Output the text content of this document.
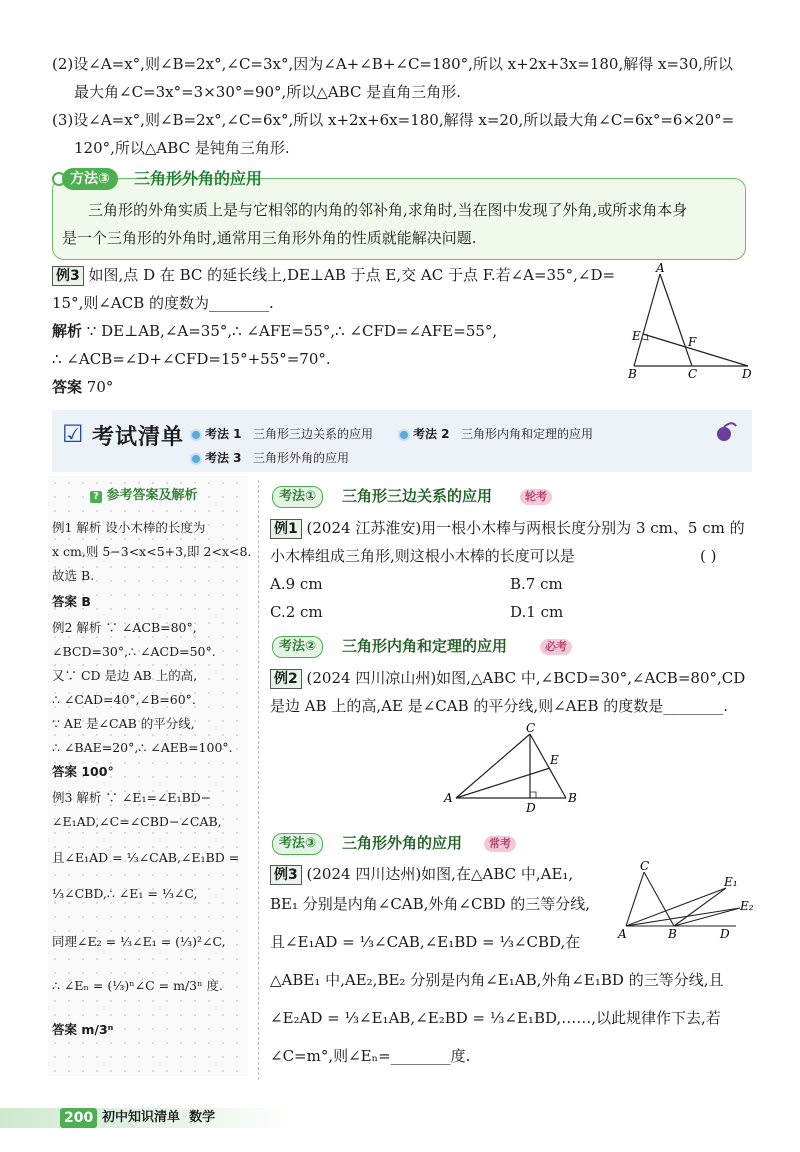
(2)设∠A=x°,则∠B=2x°,∠C=3x°,因为∠A+∠B+∠C=180°,所以 x+2x+3x=180,解得 x=30,所以
最大角∠C=3x°=3×30°=90°,所以△ABC 是直角三角形.
(3)设∠A=x°,则∠B=2x°,∠C=6x°,所以 x+2x+6x=180,解得 x=20,所以最大角∠C=6x°=6×20°=
120°,所以△ABC 是钝角三角形.
方法③	三角形外角的应用
三角形的外角实质上是与它相邻的内角的邻补角,求角时,当在图中发现了外角,或所求角本身
是一个三角形的外角时,通常用三角形外角的性质就能解决问题.
例3 如图,点 D 在 BC 的延长线上,DE⊥AB 于点 E,交 AC 于点 F.若∠A=35°,∠D=
15°,则∠ACB 的度数为________.
解析 ∵ DE⊥AB,∠A=35°,∴ ∠AFE=55°,∴ ∠CFD=∠AFE=55°,
∴ ∠ACB=∠D+∠CFD=15°+55°=70°.
答案 70°
A
E	F
B	C	D
☑ 考试清单	考法 1 三角形三边关系的应用	考法 2 三角形内角和定理的应用
考法 3 三角形外角的应用
? 参考答案及解析
例1 解析 设小木棒的长度为
x cm,则 5−3<x<5+3,即 2<x<8.
故选 B.
答案 B
例2 解析 ∵ ∠ACB=80°,
∠BCD=30°,∴ ∠ACD=50°.
又∵ CD 是边 AB 上的高,
∴ ∠CAD=40°,∠B=60°.
∵ AE 是∠CAB 的平分线,
∴ ∠BAE=20°,∴ ∠AEB=100°.
答案 100°
例3 解析 ∵ ∠E₁=∠E₁BD−
∠E₁AD,∠C=∠CBD−∠CAB,
且∠E₁AD = ⅓∠CAB,∠E₁BD =
⅓∠CBD,∴ ∠E₁ = ⅓∠C,
同理∠E₂ = ⅓∠E₁ = (⅓)²∠C,
∴ ∠Eₙ = (⅓)ⁿ∠C = m/3ⁿ 度.
答案 m/3ⁿ
考法①	三角形三边关系的应用	轮考
例1 (2024 江苏淮安)用一根小木棒与两根长度分别为 3 cm、5 cm 的
小木棒组成三角形,则这根小木棒的长度可以是	( )
A.9 cm	B.7 cm
C.2 cm	D.1 cm
考法②	三角形内角和定理的应用	必考
例2 (2024 四川凉山州)如图,△ABC 中,∠BCD=30°,∠ACB=80°,CD
是边 AB 上的高,AE 是∠CAB 的平分线,则∠AEB 的度数是________.
C
E
A
D
B
考法③	三角形外角的应用	常考
例3 (2024 四川达州)如图,在△ABC 中,AE₁,
BE₁ 分别是内角∠CAB,外角∠CBD 的三等分线,
且∠E₁AD = ⅓∠CAB,∠E₁BD = ⅓∠CBD,在
△ABE₁ 中,AE₂,BE₂ 分别是内角∠E₁AB,外角∠E₁BD 的三等分线,且
∠E₂AD = ⅓∠E₁AB,∠E₂BD = ⅓∠E₁BD,……,以此规律作下去,若
∠C=m°,则∠Eₙ=________度.
C
E₁
E₂
A	B	D
200 初中知识清单 数学
